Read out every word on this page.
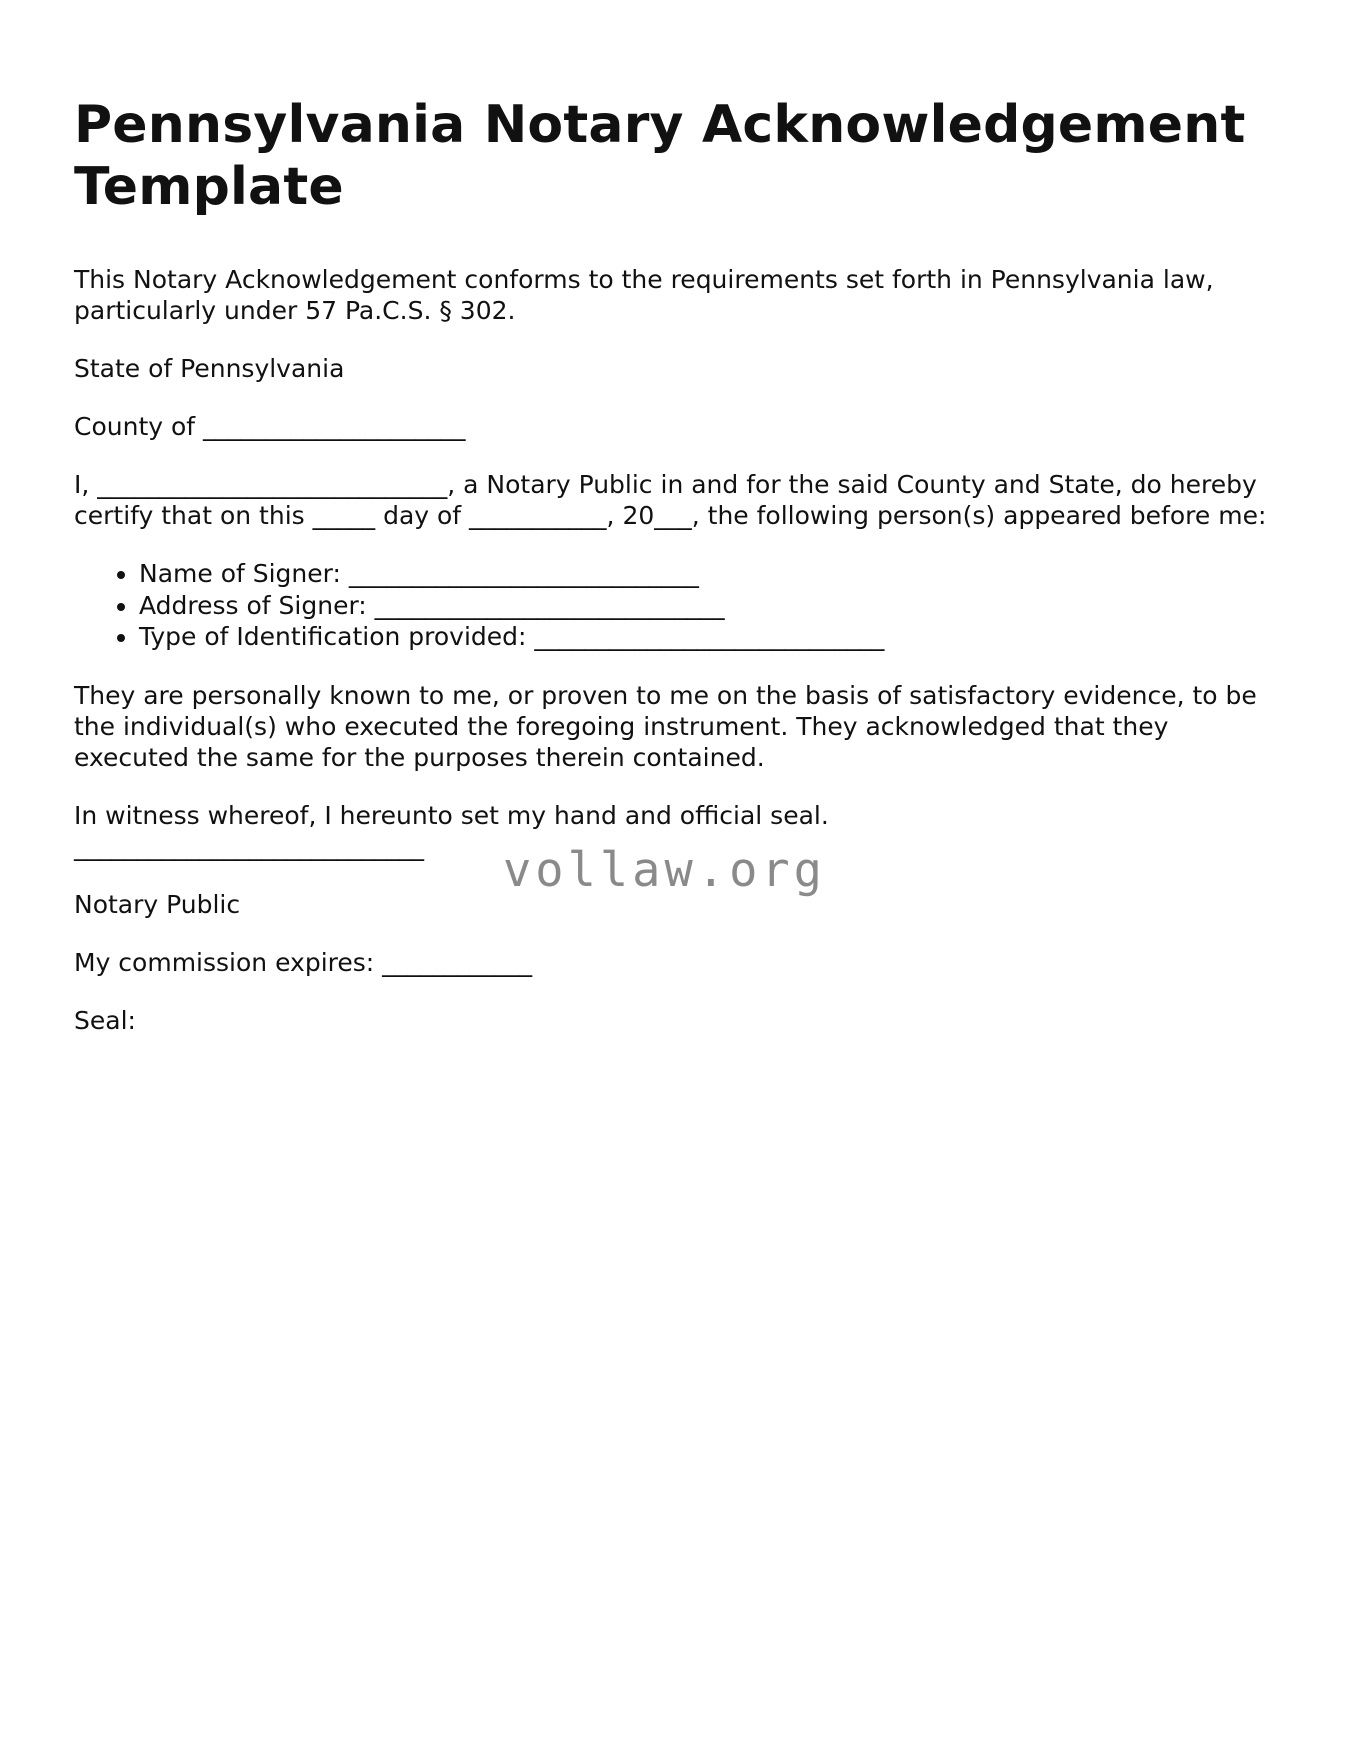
Pennsylvania Notary Acknowledgement Template

This Notary Acknowledgement conforms to the requirements set forth in Pennsylvania law, particularly under 57 Pa.C.S. § 302.

State of Pennsylvania

County of _____________________

I, ____________________________, a Notary Public in and for the said County and State, do hereby certify that on this _____ day of ___________, 20___, the following person(s) appeared before me:

• Name of Signer: ____________________________
• Address of Signer: ____________________________
• Type of Identification provided: ____________________________

They are personally known to me, or proven to me on the basis of satisfactory evidence, to be the individual(s) who executed the foregoing instrument. They acknowledged that they executed the same for the purposes therein contained.

In witness whereof, I hereunto set my hand and official seal.

____________________________

Notary Public

My commission expires: ____________

Seal:

vollaw.org
